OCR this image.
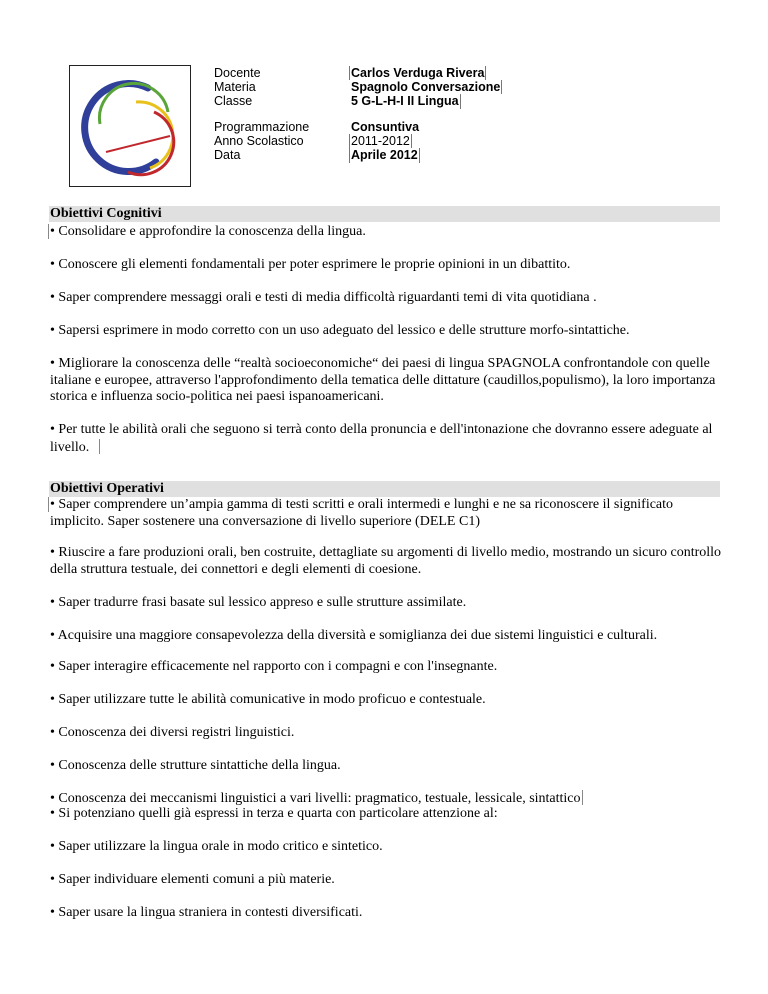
Docente
Materia
Classe
Carlos Verduga Rivera
Spagnolo Conversazione
5 G-L-H-I II Lingua
Programmazione
Anno Scolastico
Data
Consuntiva
2011-2012
Aprile 2012
Obiettivi Cognitivi
• Consolidare e approfondire la conoscenza della lingua.
• Conoscere gli elementi fondamentali per poter esprimere le proprie opinioni in un dibattito.
• Saper comprendere messaggi orali e testi di media difficoltà riguardanti temi di vita quotidiana .
• Sapersi esprimere in modo corretto con un uso adeguato del lessico e delle strutture morfo-sintattiche.
• Migliorare la conoscenza delle “realtà socioeconomiche“ dei paesi di lingua SPAGNOLA confrontandole con quelle italiane e europee, attraverso l'approfondimento della tematica delle dittature (caudillos,populismo), la loro importanza storica e influenza socio-politica nei paesi ispanoamericani.
• Per tutte le abilità orali che seguono si terrà conto della pronuncia e dell'intonazione che dovranno essere adeguate al livello.
Obiettivi Operativi
• Saper comprendere un’ampia gamma di testi scritti e orali intermedi e lunghi e ne sa riconoscere il significato implicito. Saper sostenere una conversazione di livello superiore (DELE C1)
• Riuscire a fare produzioni orali, ben costruite, dettagliate su argomenti di livello medio, mostrando un sicuro controllo della struttura testuale, dei connettori e degli elementi di coesione.
• Saper tradurre frasi basate sul lessico appreso e sulle strutture assimilate.
• Acquisire una maggiore consapevolezza della diversità e somiglianza dei due sistemi linguistici e culturali.
• Saper interagire efficacemente nel rapporto con i compagni e con l'insegnante.
• Saper utilizzare tutte le abilità comunicative in modo proficuo e contestuale.
• Conoscenza dei diversi registri linguistici.
• Conoscenza delle strutture sintattiche della lingua.
• Conoscenza dei meccanismi linguistici a vari livelli: pragmatico, testuale, lessicale, sintattico
• Si potenziano quelli già espressi in terza e quarta con particolare attenzione al:
• Saper utilizzare la lingua orale in modo critico e sintetico.
• Saper individuare elementi comuni a più materie.
• Saper usare la lingua straniera in contesti diversificati.
